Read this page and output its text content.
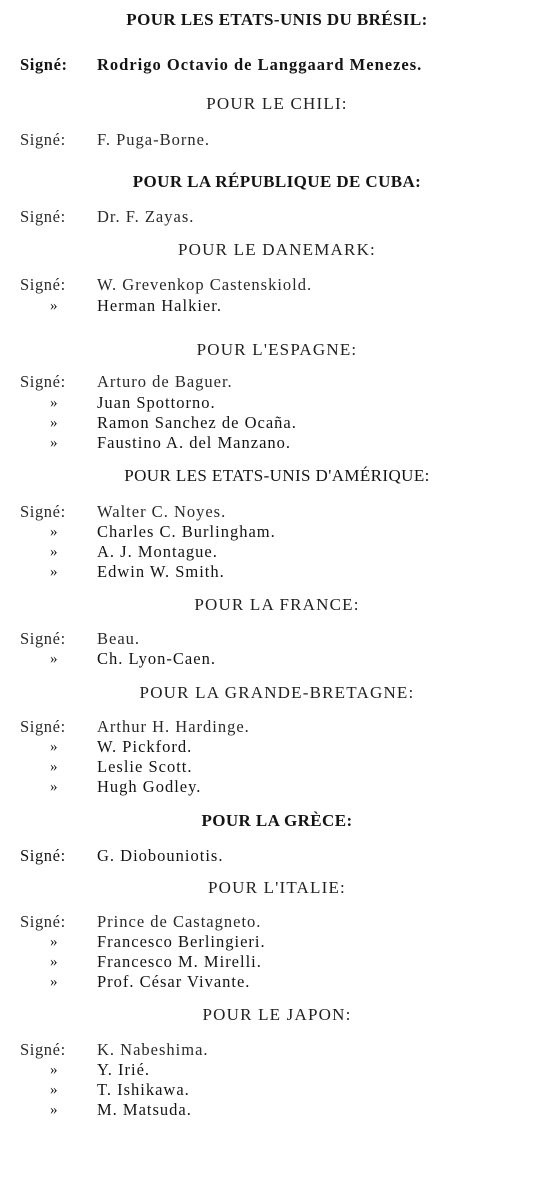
POUR LES ETATS-UNIS DU BRÉSIL:
Signé:	Rodrigo Octavio de Langgaard Menezes.
POUR LE CHILI:
Signé:	F. Puga-Borne.
POUR LA RÉPUBLIQUE DE CUBA:
Signé:	Dr. F. Zayas.
POUR LE DANEMARK:
Signé:	W. Grevenkop Castenskiold.
»	Herman Halkier.
POUR L'ESPAGNE:
Signé:	Arturo de Baguer.
»	Juan Spottorno.
»	Ramon Sanchez de Ocaña.
»	Faustino A. del Manzano.
POUR LES ETATS-UNIS D'AMÉRIQUE:
Signé:	Walter C. Noyes.
»	Charles C. Burlingham.
»	A. J. Montague.
»	Edwin W. Smith.
POUR LA FRANCE:
Signé:	Beau.
»	Ch. Lyon-Caen.
POUR LA GRANDE-BRETAGNE:
Signé:	Arthur H. Hardinge.
»	W. Pickford.
»	Leslie Scott.
»	Hugh Godley.
POUR LA GRÈCE:
Signé:	G. Diobouniotis.
POUR L'ITALIE:
Signé:	Prince de Castagneto.
»	Francesco Berlingieri.
»	Francesco M. Mirelli.
»	Prof. César Vivante.
POUR LE JAPON:
Signé:	K. Nabeshima.
»	Y. Irié.
»	T. Ishikawa.
»	M. Matsuda.
